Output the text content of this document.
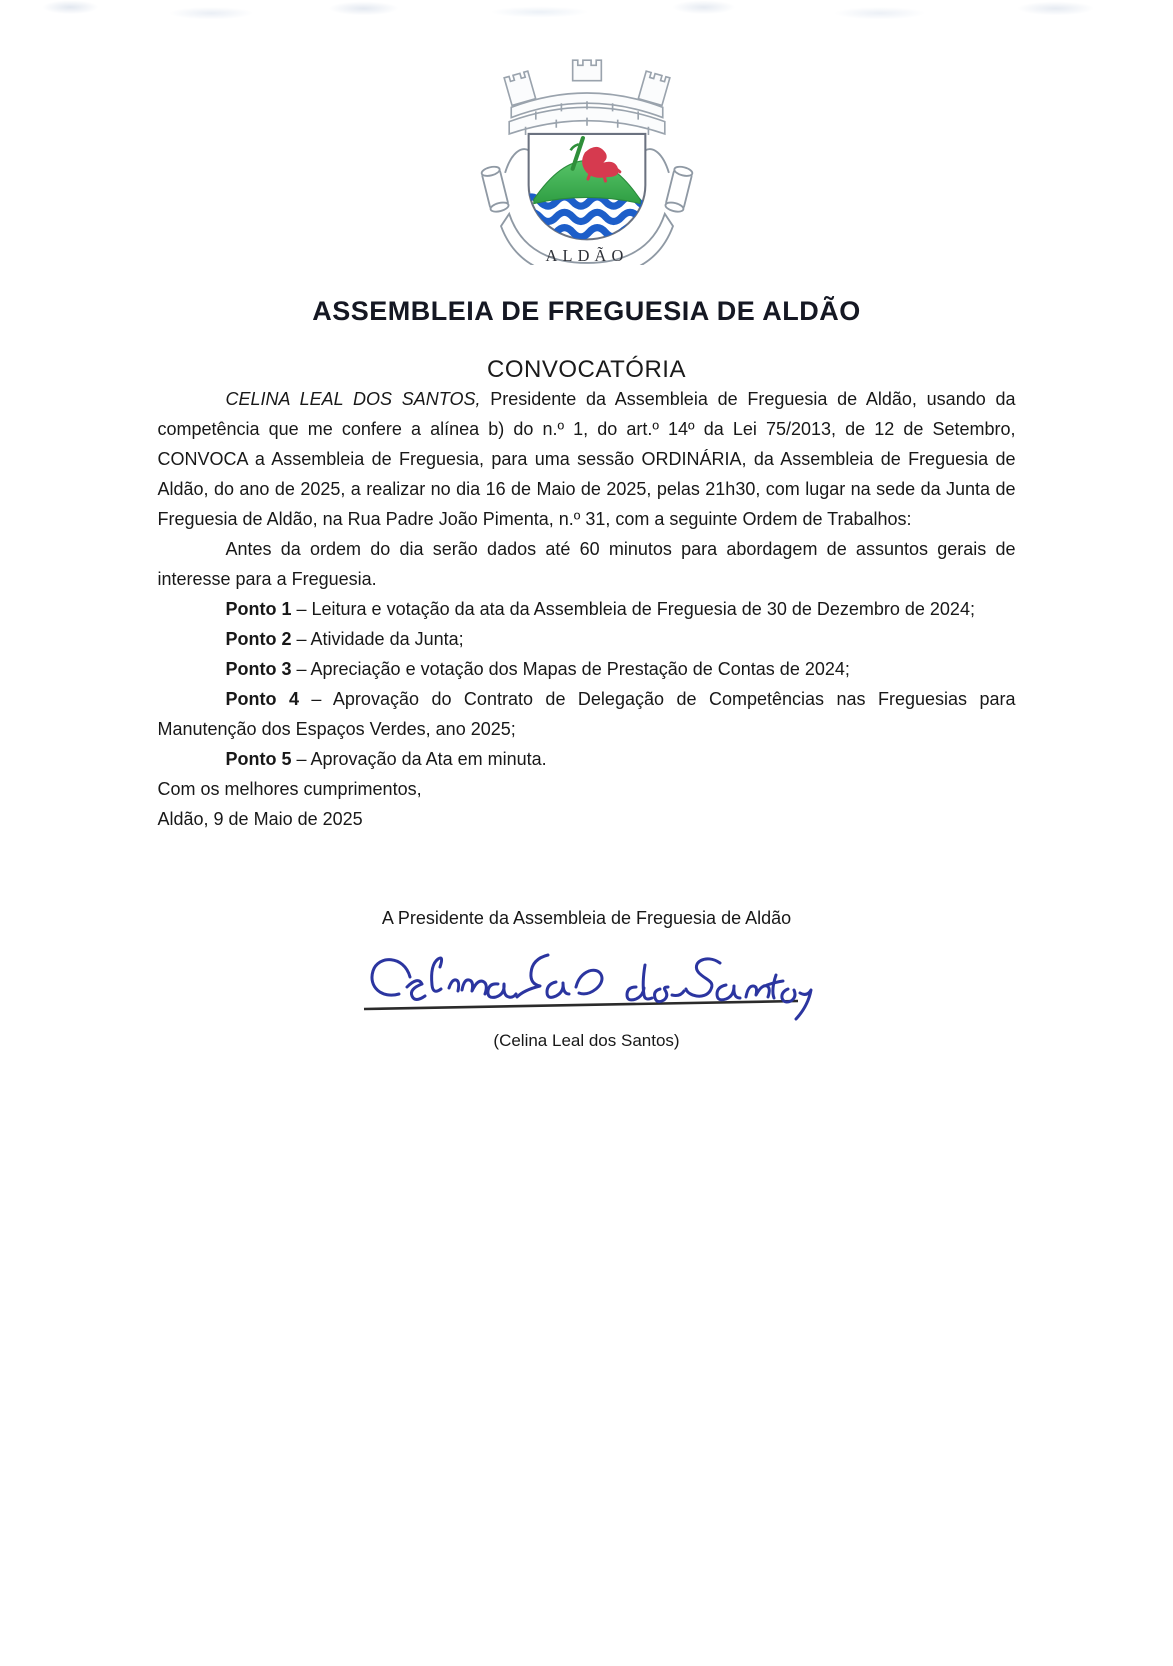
ALDÃO
ASSEMBLEIA DE FREGUESIA DE ALDÃO
CONVOCATÓRIA

CELINA LEAL DOS SANTOS, Presidente da Assembleia de Freguesia de Aldão, usando da competência que me confere a alínea b) do n.º 1, do art.º 14º da Lei 75/2013, de 12 de Setembro, CONVOCA a Assembleia de Freguesia, para uma sessão ORDINÁRIA, da Assembleia de Freguesia de Aldão, do ano de 2025, a realizar no dia 16 de Maio de 2025, pelas 21h30, com lugar na sede da Junta de Freguesia de Aldão, na Rua Padre João Pimenta, n.º 31, com a seguinte Ordem de Trabalhos:

Antes da ordem do dia serão dados até 60 minutos para abordagem de assuntos gerais de interesse para a Freguesia.

Ponto 1 – Leitura e votação da ata da Assembleia de Freguesia de 30 de Dezembro de 2024;

Ponto 2 – Atividade da Junta;

Ponto 3 – Apreciação e votação dos Mapas de Prestação de Contas de 2024;

Ponto 4 – Aprovação do Contrato de Delegação de Competências nas Freguesias para Manutenção dos Espaços Verdes, ano 2025;

Ponto 5 – Aprovação da Ata em minuta.

Com os melhores cumprimentos,

Aldão, 9 de Maio de 2025

A Presidente da Assembleia de Freguesia de Aldão
(Celina Leal dos Santos)
